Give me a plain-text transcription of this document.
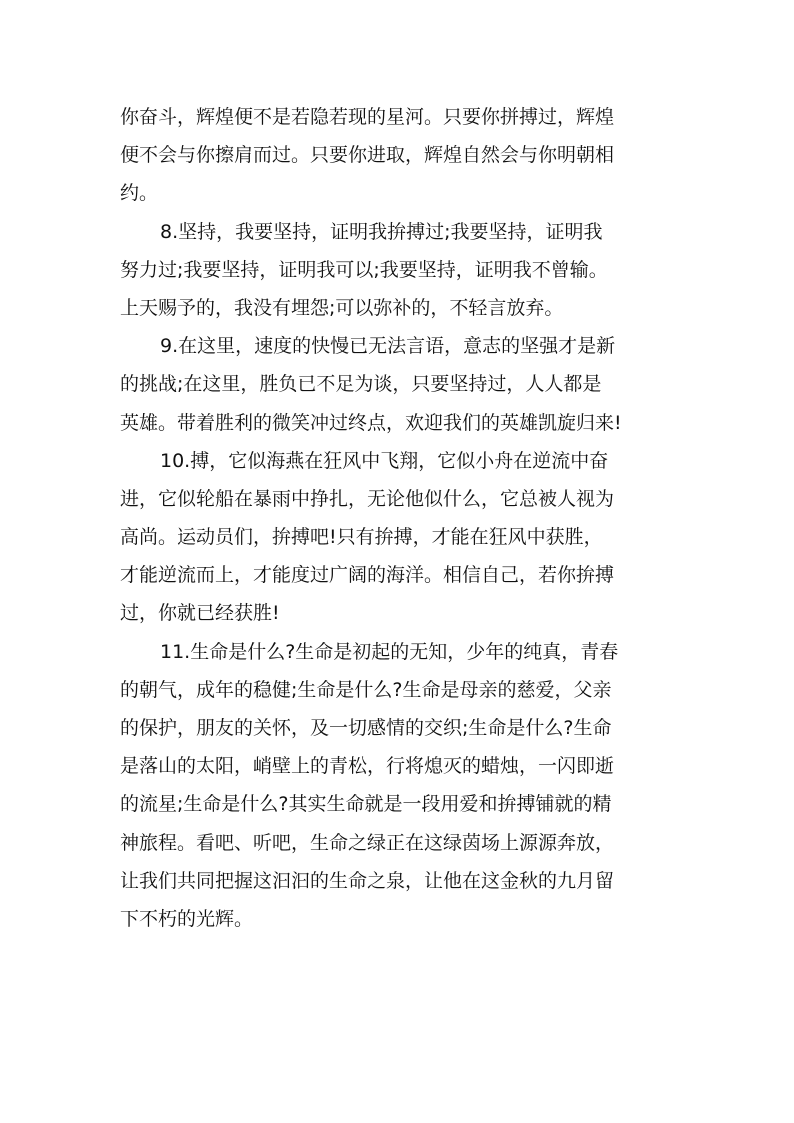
你奋斗，辉煌便不是若隐若现的星河。只要你拼搏过，辉煌
便不会与你擦肩而过。只要你进取，辉煌自然会与你明朝相
约。
8.坚持，我要坚持，证明我拚搏过;我要坚持，证明我
努力过;我要坚持，证明我可以;我要坚持，证明我不曾输。
上天赐予的，我没有埋怨;可以弥补的，不轻言放弃。
9.在这里，速度的快慢已无法言语，意志的坚强才是新
的挑战;在这里，胜负已不足为谈，只要坚持过，人人都是
英雄。带着胜利的微笑冲过终点，欢迎我们的英雄凯旋归来!
10.搏，它似海燕在狂风中飞翔，它似小舟在逆流中奋
进，它似轮船在暴雨中挣扎，无论他似什么，它总被人视为
高尚。运动员们，拚搏吧!只有拚搏，才能在狂风中获胜，
才能逆流而上，才能度过广阔的海洋。相信自己，若你拚搏
过，你就已经获胜!
11.生命是什么?生命是初起的无知，少年的纯真，青春
的朝气，成年的稳健;生命是什么?生命是母亲的慈爱，父亲
的保护，朋友的关怀，及一切感情的交织;生命是什么?生命
是落山的太阳，峭壁上的青松，行将熄灭的蜡烛，一闪即逝
的流星;生命是什么?其实生命就是一段用爱和拚搏铺就的精
神旅程。看吧、听吧，生命之绿正在这绿茵场上源源奔放，
让我们共同把握这汩汩的生命之泉，让他在这金秋的九月留
下不朽的光辉。
